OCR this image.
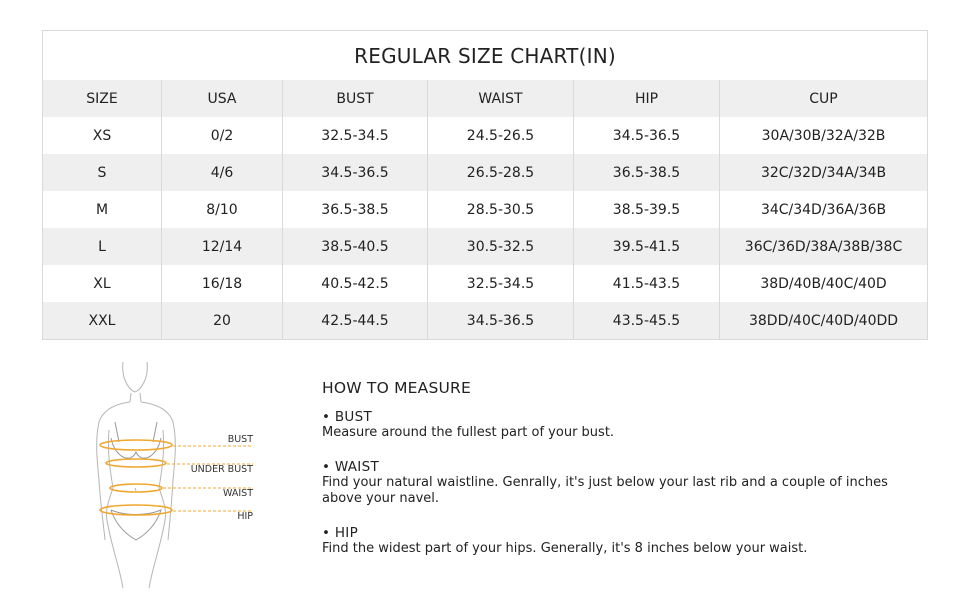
REGULAR SIZE CHART(IN)					
SIZE	USA	BUST	WAIST	HIP	CUP
XS	0/2	32.5-34.5	24.5-26.5	34.5-36.5	30A/30B/32A/32B
S	4/6	34.5-36.5	26.5-28.5	36.5-38.5	32C/32D/34A/34B
M	8/10	36.5-38.5	28.5-30.5	38.5-39.5	34C/34D/36A/36B
L	12/14	38.5-40.5	30.5-32.5	39.5-41.5	36C/36D/38A/38B/38C
XL	16/18	40.5-42.5	32.5-34.5	41.5-43.5	38D/40B/40C/40D
XXL	20	42.5-44.5	34.5-36.5	43.5-45.5	38DD/40C/40D/40DD
BUST
UNDER BUST
WAIST
HIP
HOW TO MEASURE
• BUST
Measure around the fullest part of your bust.
• WAIST
Find your natural waistline. Genrally, it's just below your last rib and a couple of inches above your navel.
• HIP
Find the widest part of your hips. Generally, it's 8 inches below your waist.
